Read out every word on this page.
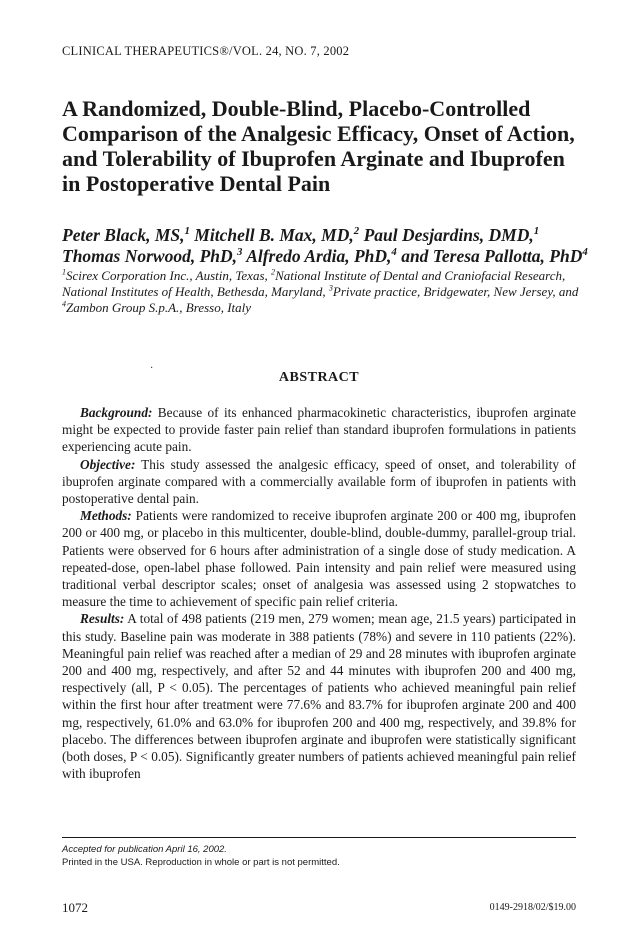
CLINICAL THERAPEUTICS®/VOL. 24, NO. 7, 2002
A Randomized, Double-Blind, Placebo-Controlled Comparison of the Analgesic Efficacy, Onset of Action, and Tolerability of Ibuprofen Arginate and Ibuprofen in Postoperative Dental Pain
Peter Black, MS,$^1$ Mitchell B. Max, MD,$^2$ Paul Desjardins, DMD,$^1$
Thomas Norwood, PhD,$^3$ Alfredo Ardia, PhD,$^4$ and Teresa Pallotta, PhD$^4$
$^1$Scirex Corporation Inc., Austin, Texas, $^2$National Institute of Dental and Craniofacial Research, National Institutes of Health, Bethesda, Maryland, $^3$Private practice, Bridgewater, New Jersey, and $^4$Zambon Group S.p.A., Bresso, Italy
·
ABSTRACT

Background: Because of its enhanced pharmacokinetic characteristics, ibuprofen arginate might be expected to provide faster pain relief than standard ibuprofen formulations in patients experiencing acute pain.

Objective: This study assessed the analgesic efficacy, speed of onset, and tolerability of ibuprofen arginate compared with a commercially available form of ibuprofen in patients with postoperative dental pain.

Methods: Patients were randomized to receive ibuprofen arginate 200 or 400 mg, ibuprofen 200 or 400 mg, or placebo in this multicenter, double-blind, double-dummy, parallel-group trial. Patients were observed for 6 hours after administration of a single dose of study medication. A repeated-dose, open-label phase followed. Pain intensity and pain relief were measured using traditional verbal descriptor scales; onset of analgesia was assessed using 2 stopwatches to measure the time to achievement of specific pain relief criteria.

Results: A total of 498 patients (219 men, 279 women; mean age, 21.5 years) participated in this study. Baseline pain was moderate in 388 patients (78%) and severe in 110 patients (22%). Meaningful pain relief was reached after a median of 29 and 28 minutes with ibuprofen arginate 200 and 400 mg, respectively, and after 52 and 44 minutes with ibuprofen 200 and 400 mg, respectively (all, P < 0.05). The percentages of patients who achieved meaningful pain relief within the first hour after treatment were 77.6% and 83.7% for ibuprofen arginate 200 and 400 mg, respectively, 61.0% and 63.0% for ibuprofen 200 and 400 mg, respectively, and 39.8% for placebo. The differences between ibuprofen arginate and ibuprofen were statistically significant (both doses, P < 0.05). Significantly greater numbers of patients achieved meaningful pain relief with ibuprofen

Accepted for publication April 16, 2002.
Printed in the USA. Reproduction in whole or part is not permitted.
1072	0149-2918/02/$19.00
